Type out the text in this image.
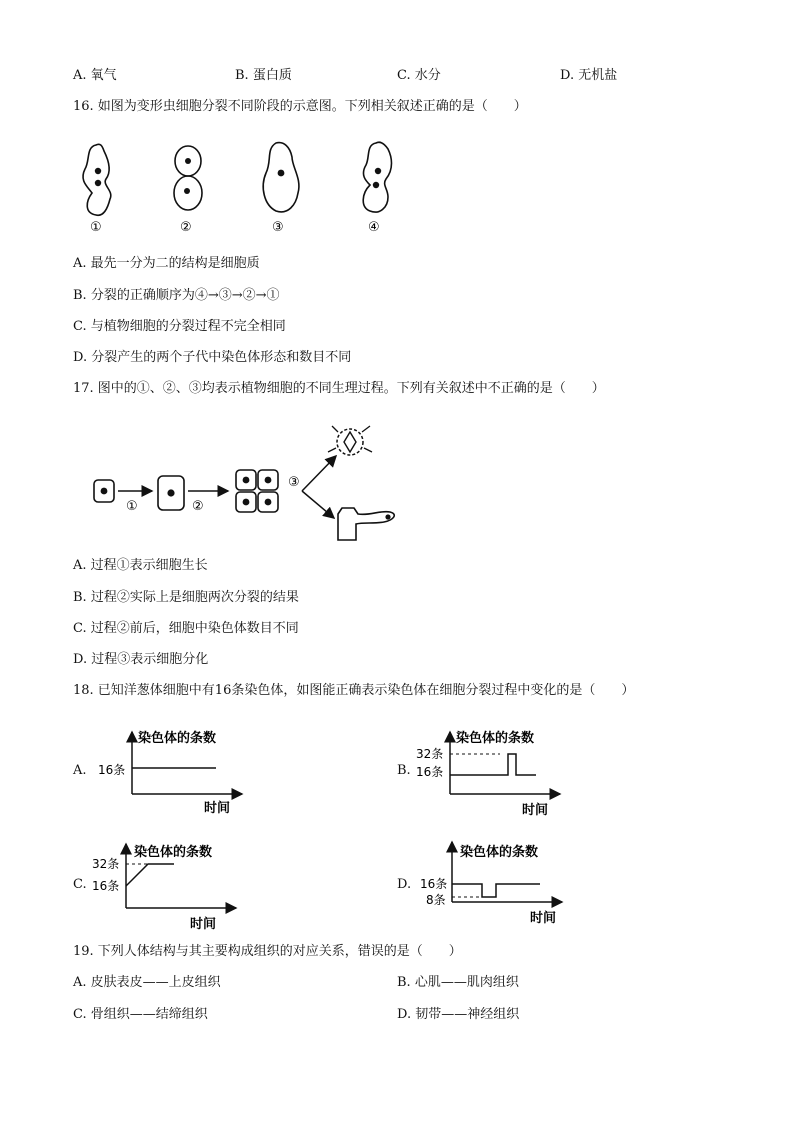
A. 氧气	B. 蛋白质	C. 水分	D. 无机盐
16. 如图为变形虫细胞分裂不同阶段的示意图。下列相关叙述正确的是（　　）
①	②	③	④
A. 最先一分为二的结构是细胞质
B. 分裂的正确顺序为④→③→②→①
C. 与植物细胞的分裂过程不完全相同
D. 分裂产生的两个子代中染色体形态和数目不同
17. 图中的①、②、③均表示植物细胞的不同生理过程。下列有关叙述中不正确的是（　　）
①	②
③
A. 过程①表示细胞生长
B. 过程②实际上是细胞两次分裂的结果
C. 过程②前后，细胞中染色体数目不同
D. 过程③表示细胞分化
18. 已知洋葱体细胞中有16条染色体，如图能正确表示染色体在细胞分裂过程中变化的是（　　）
A.
染色体的条数
时间
16条	B.
染色体的条数
时间
32条
16条
C.
染色体的条数
时间
32条
16条	D.
染色体的条数
时间
16条
8条
19. 下列人体结构与其主要构成组织的对应关系，错误的是（　　）
A. 皮肤表皮——上皮组织	B. 心肌——肌肉组织
C. 骨组织——结缔组织	D. 韧带——神经组织
